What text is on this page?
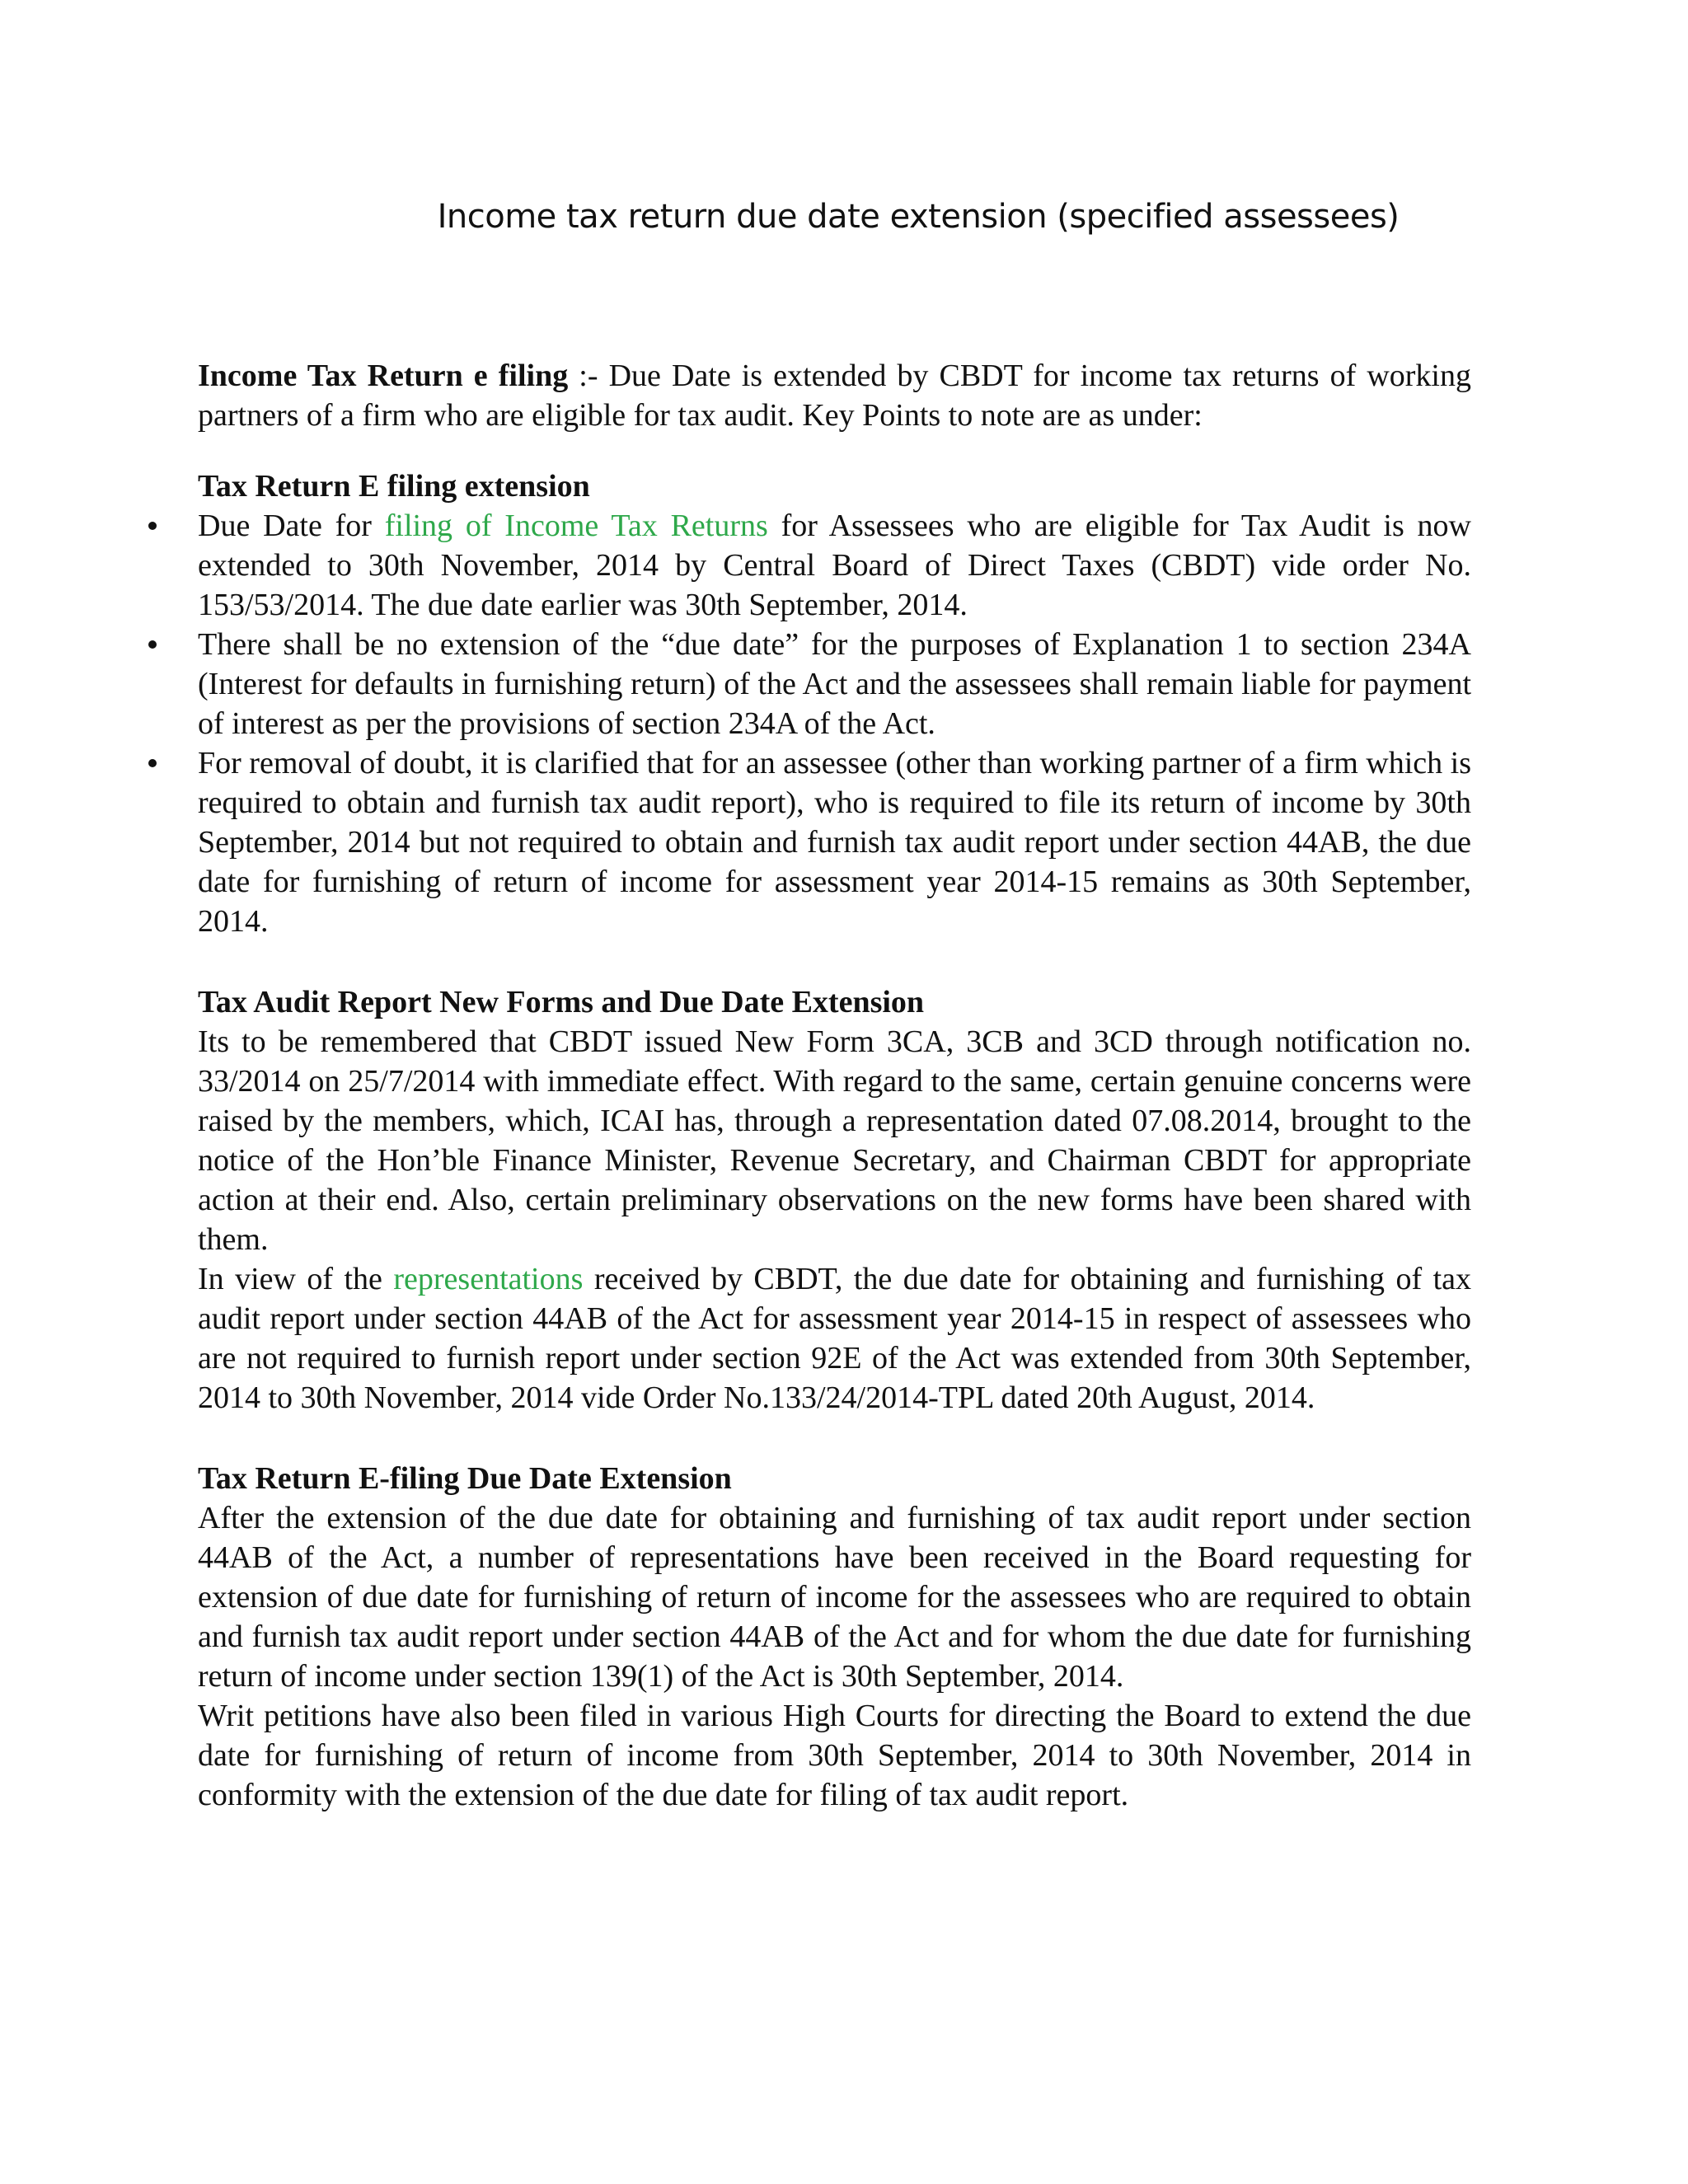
Income tax return due date extension (specified assessees)

Income Tax Return e filing :- Due Date is extended by CBDT for income tax returns of working partners of a firm who are eligible for tax audit. Key Points to note are as under:

Tax Return E filing extension

Due Date for filing of Income Tax Returns for Assessees who are eligible for Tax Audit is now extended to 30th November, 2014 by Central Board of Direct Taxes (CBDT) vide order No. 153/53/2014. The due date earlier was 30th September, 2014.
There shall be no extension of the “due date” for the purposes of Explanation 1 to section 234A (Interest for defaults in furnishing return) of the Act and the assessees shall remain liable for payment of interest as per the provisions of section 234A of the Act.
For removal of doubt, it is clarified that for an assessee (other than working partner of a firm which is required to obtain and furnish tax audit report), who is required to file its return of income by 30th September, 2014 but not required to obtain and furnish tax audit report under section 44AB, the due date for furnishing of return of income for assessment year 2014-15 remains as 30th September, 2014.

Tax Audit Report New Forms and Due Date Extension

Its to be remembered that CBDT issued New Form 3CA, 3CB and 3CD through notification no. 33/2014 on 25/7/2014 with immediate effect. With regard to the same, certain genuine concerns were raised by the members, which, ICAI has, through a representation dated 07.08.2014, brought to the notice of the Hon’ble Finance Minister, Revenue Secretary, and Chairman CBDT for appropriate action at their end. Also, certain preliminary observations on the new forms have been shared with them.

In view of the representations received by CBDT, the due date for obtaining and furnishing of tax audit report under section 44AB of the Act for assessment year 2014-15 in respect of assessees who are not required to furnish report under section 92E of the Act was extended from 30th September, 2014 to 30th November, 2014 vide Order No.133/24/2014-TPL dated 20th August, 2014.

Tax Return E-filing Due Date Extension

After the extension of the due date for obtaining and furnishing of tax audit report under section 44AB of the Act, a number of representations have been received in the Board requesting for extension of due date for furnishing of return of income for the assessees who are required to obtain and furnish tax audit report under section 44AB of the Act and for whom the due date for furnishing return of income under section 139(1) of the Act is 30th September, 2014.

Writ petitions have also been filed in various High Courts for directing the Board to extend the due date for furnishing of return of income from 30th September, 2014 to 30th November, 2014 in conformity with the extension of the due date for filing of tax audit report.
